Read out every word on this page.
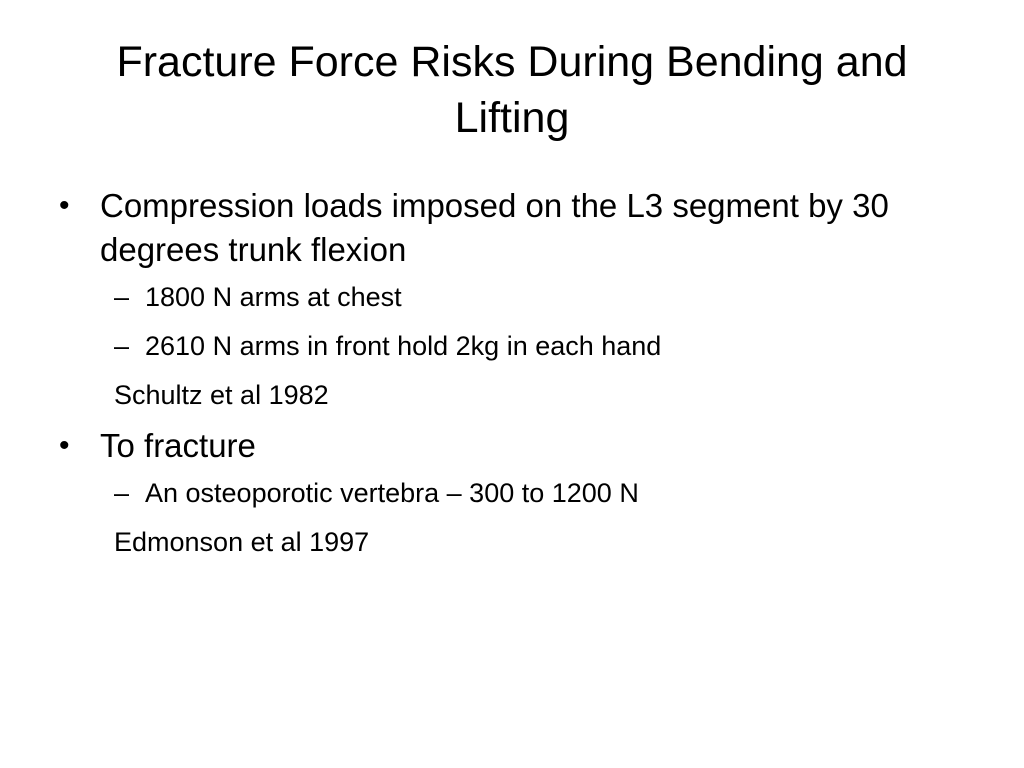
Fracture Force Risks During Bending and Lifting
• Compression loads imposed on the L3 segment by 30 degrees trunk flexion
– 1800 N arms at chest
– 2610 N arms in front hold 2kg in each hand
Schultz et al 1982
• To fracture
– An osteoporotic vertebra – 300 to 1200 N
Edmonson et al 1997
